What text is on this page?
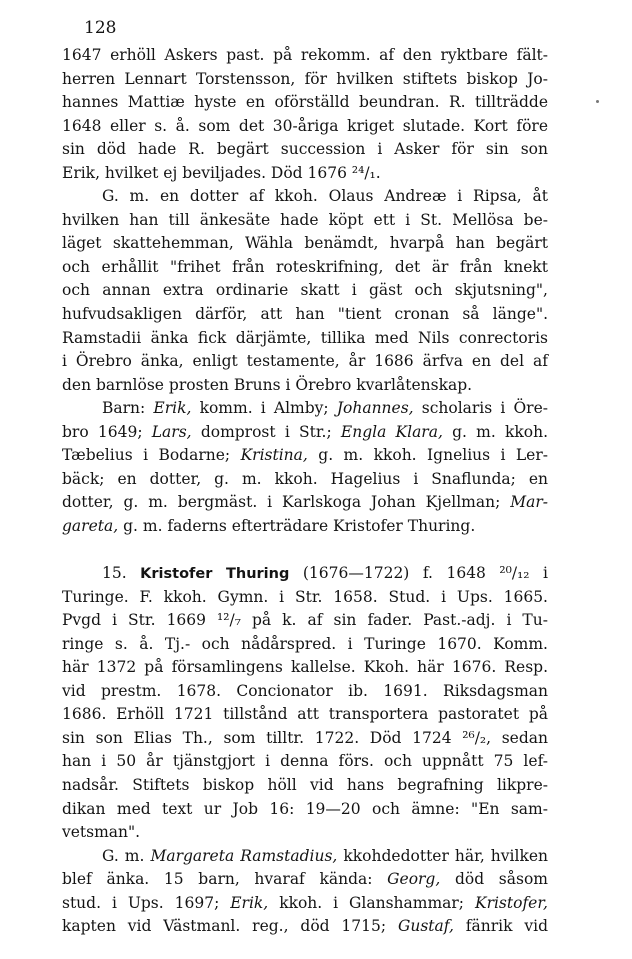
128
1647 erhöll Askers past. på rekomm. af den ryktbare fält-
herren Lennart Torstensson, för hvilken stiftets biskop Jo-
hannes Mattiæ hyste en oförställd beundran. R. tillträdde
1648 eller s. å. som det 30-åriga kriget slutade. Kort före
sin död hade R. begärt succession i Asker för sin son
Erik, hvilket ej beviljades. Död 1676 ²⁴/₁.
G. m. en dotter af kkoh. Olaus Andreæ i Ripsa, åt
hvilken han till änkesäte hade köpt ett i St. Mellösa be-
läget skattehemman, Wähla benämdt, hvarpå han begärt
och erhållit "frihet från roteskrifning, det är från knekt
och annan extra ordinarie skatt i gäst och skjutsning",
hufvudsakligen därför, att han "tient cronan så länge".
Ramstadii änka fick därjämte, tillika med Nils conrectoris
i Örebro änka, enligt testamente, år 1686 ärfva en del af
den barnlöse prosten Bruns i Örebro kvarlåtenskap.
Barn: Erik, komm. i Almby; Johannes, scholaris i Öre-
bro 1649; Lars, domprost i Str.; Engla Klara, g. m. kkoh.
Tæbelius i Bodarne; Kristina, g. m. kkoh. Ignelius i Ler-
bäck; en dotter, g. m. kkoh. Hagelius i Snaflunda; en
dotter, g. m. bergmäst. i Karlskoga Johan Kjellman; Mar-
gareta, g. m. faderns efterträdare Kristofer Thuring.
15. Kristofer Thuring (1676—1722) f. 1648 ²⁰/₁₂ i
Turinge. F. kkoh. Gymn. i Str. 1658. Stud. i Ups. 1665.
Pvgd i Str. 1669 ¹²/₇ på k. af sin fader. Past.-adj. i Tu-
ringe s. å. Tj.- och nådårspred. i Turinge 1670. Komm.
här 1372 på församlingens kallelse. Kkoh. här 1676. Resp.
vid prestm. 1678. Concionator ib. 1691. Riksdagsman
1686. Erhöll 1721 tillstånd att transportera pastoratet på
sin son Elias Th., som tilltr. 1722. Död 1724 ²⁶/₂, sedan
han i 50 år tjänstgjort i denna förs. och uppnått 75 lef-
nadsår. Stiftets biskop höll vid hans begrafning likpre-
dikan med text ur Job 16: 19—20 och ämne: "En sam-
vetsman".
G. m. Margareta Ramstadius, kkohdedotter här, hvilken
blef änka. 15 barn, hvaraf kända: Georg, död såsom
stud. i Ups. 1697; Erik, kkoh. i Glanshammar; Kristofer,
kapten vid Västmanl. reg., död 1715; Gustaf, fänrik vid
